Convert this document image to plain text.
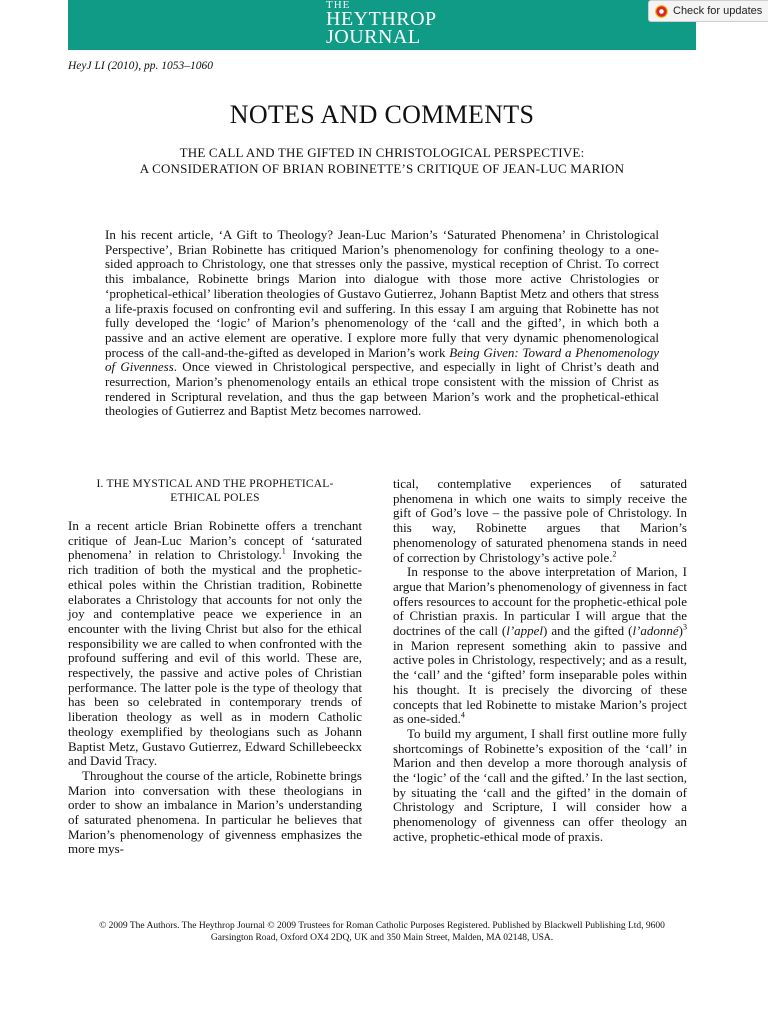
THE
HEYTHROP
JOURNAL
Check for updates
HeyJ LI (2010), pp. 1053–1060
NOTES AND COMMENTS
THE CALL AND THE GIFTED IN CHRISTOLOGICAL PERSPECTIVE:
A CONSIDERATION OF BRIAN ROBINETTE’S CRITIQUE OF JEAN-LUC MARION
In his recent article, ‘A Gift to Theology? Jean-Luc Marion’s ‘Saturated Phenomena’ in Christological Perspective’, Brian Robinette has critiqued Marion’s phenomenology for confining theology to a one-sided approach to Christology, one that stresses only the passive, mystical reception of Christ. To correct this imbalance, Robinette brings Marion into dialogue with those more active Christologies or ‘prophetical-ethical’ liberation theologies of Gustavo Gutierrez, Johann Baptist Metz and others that stress a life-praxis focused on confronting evil and suffering. In this essay I am arguing that Robinette has not fully developed the ‘logic’ of Marion’s phenomenology of the ‘call and the gifted’, in which both a passive and an active element are operative. I explore more fully that very dynamic phenomenological process of the call-and-the-gifted as developed in Marion’s work Being Given: Toward a Phenomenology of Givenness. Once viewed in Christological perspective, and especially in light of Christ’s death and resurrection, Marion’s phenomenology entails an ethical trope consistent with the mission of Christ as rendered in Scriptural revelation, and thus the gap between Marion’s work and the prophetical-ethical theologies of Gutierrez and Baptist Metz becomes narrowed.
I. THE MYSTICAL AND THE PROPHETICAL-
ETHICAL POLES

In a recent article Brian Robinette offers a trenchant critique of Jean-Luc Marion’s concept of ‘saturated phenomena’ in relation to Christology.$^1$ Invoking the rich tradition of both the mystical and the prophetic-ethical poles within the Christian tradition, Robinette elaborates a Christology that accounts for not only the joy and contemplative peace we experience in an encounter with the living Christ but also for the ethical responsibility we are called to when confronted with the profound suffering and evil of this world. These are, respectively, the passive and active poles of Christian performance. The latter pole is the type of theology that has been so celebrated in contemporary trends of liberation theology as well as in modern Catholic theology exemplified by theologians such as Johann Baptist Metz, Gustavo Gutierrez, Edward Schillebeeckx and David Tracy.

Throughout the course of the article, Robinette brings Marion into conversation with these theologians in order to show an imbalance in Marion’s understanding of saturated phenomena. In particular he believes that Marion’s phenomenology of givenness emphasizes the more mys-

tical, contemplative experiences of saturated phenomena in which one waits to simply receive the gift of God’s love – the passive pole of Christology. In this way, Robinette argues that Marion’s phenomenology of saturated phenomena stands in need of correction by Christology’s active pole.$^2$

In response to the above interpretation of Marion, I argue that Marion’s phenomenology of givenness in fact offers resources to account for the prophetic-ethical pole of Christian praxis. In particular I will argue that the doctrines of the call (l’appel) and the gifted (l’adonné)$^3$ in Marion represent something akin to passive and active poles in Christology, respectively; and as a result, the ‘call’ and the ‘gifted’ form inseparable poles within his thought. It is precisely the divorcing of these concepts that led Robinette to mistake Marion’s project as one-sided.$^4$

To build my argument, I shall first outline more fully shortcomings of Robinette’s exposition of the ‘call’ in Marion and then develop a more thorough analysis of the ‘logic’ of the ‘call and the gifted.’ In the last section, by situating the ‘call and the gifted’ in the domain of Christology and Scripture, I will consider how a phenomenology of givenness can offer theology an active, prophetic-ethical mode of praxis.

© 2009 The Authors. The Heythrop Journal © 2009 Trustees for Roman Catholic Purposes Registered. Published by Blackwell Publishing Ltd, 9600
Garsington Road, Oxford OX4 2DQ, UK and 350 Main Street, Malden, MA 02148, USA.
